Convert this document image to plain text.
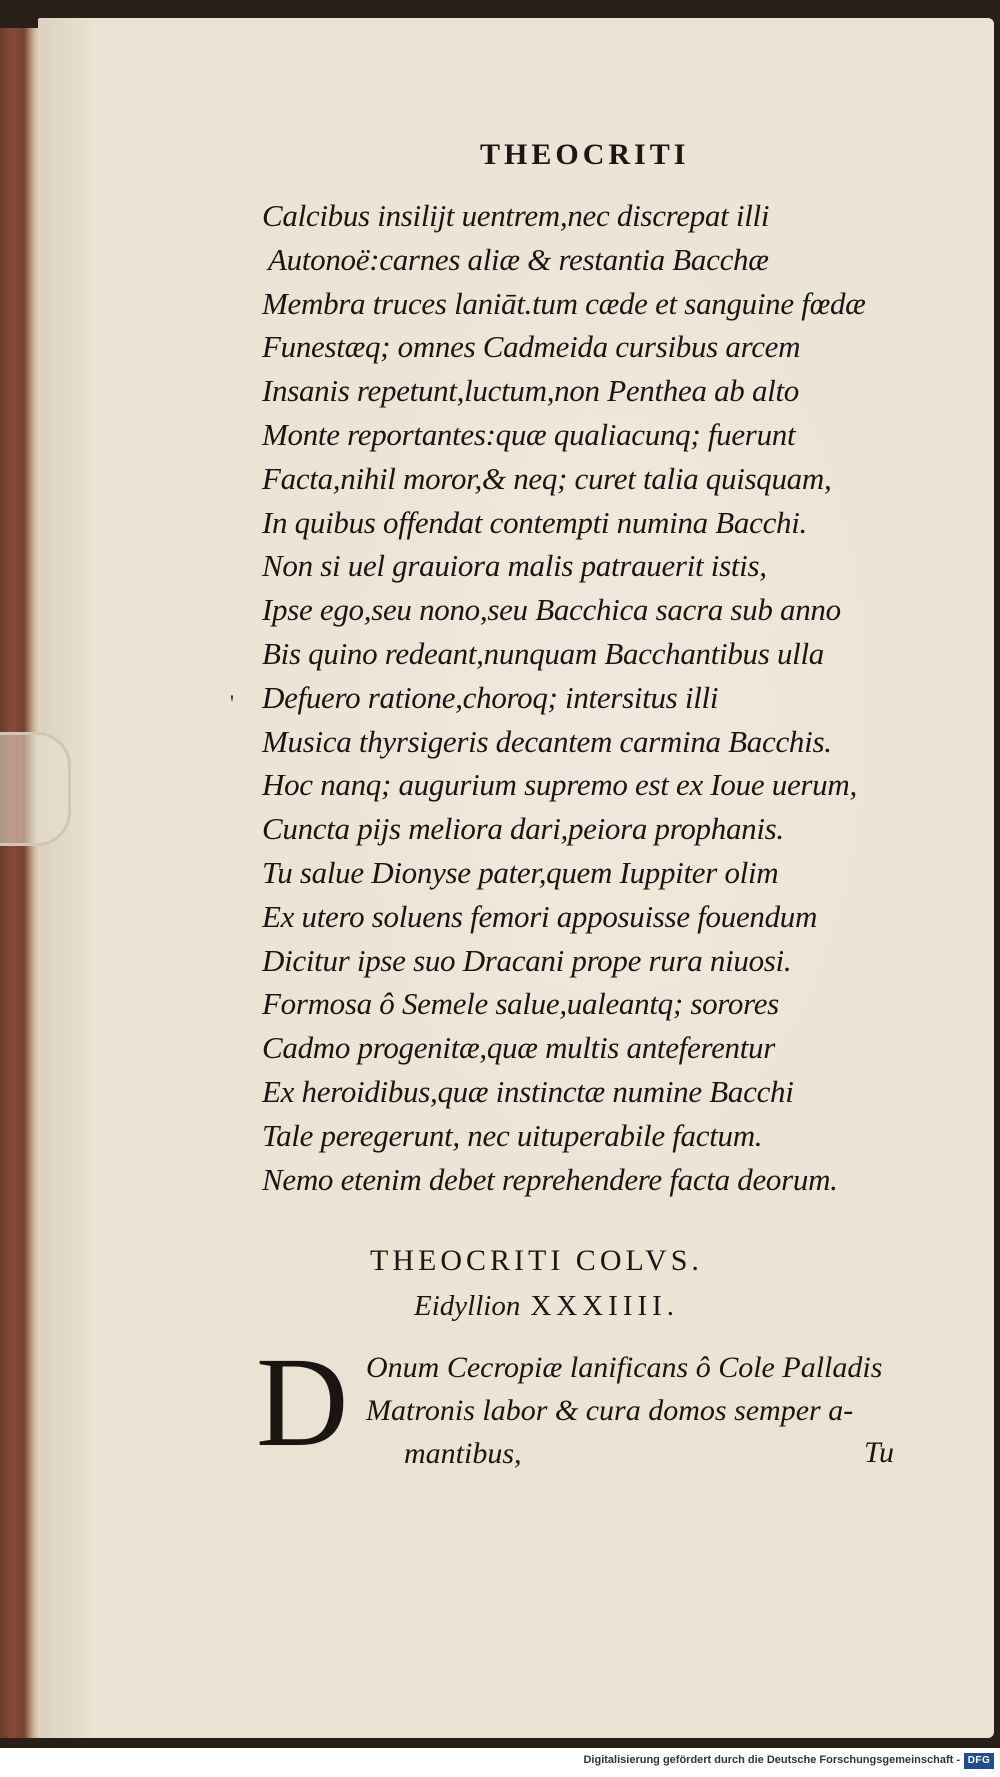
THEOCRITI
'
Calcibus insilijt uentrem,nec discrepat illi
Autonoë:carnes aliæ & restantia Bacchæ
Membra truces laniāt.tum cæde et sanguine fœdæ
Funestæq; omnes Cadmeida cursibus arcem
Insanis repetunt,luctum,non Penthea ab alto
Monte reportantes:quæ qualiacunq; fuerunt
Facta,nihil moror,& neq; curet talia quisquam,
In quibus offendat contempti numina Bacchi.
Non si uel grauiora malis patrauerit istis,
Ipse ego,seu nono,seu Bacchica sacra sub anno
Bis quino redeant,nunquam Bacchantibus ulla
Defuero ratione,choroq; intersitus illi
Musica thyrsigeris decantem carmina Bacchis.
Hoc nanq; augurium supremo est ex Ioue uerum,
Cuncta pijs meliora dari,peiora prophanis.
Tu salue Dionyse pater,quem Iuppiter olim
Ex utero soluens femori apposuisse fouendum
Dicitur ipse suo Dracani prope rura niuosi.
Formosa ô Semele salue,ualeantq; sorores
Cadmo progenitæ,quæ multis anteferentur
Ex heroidibus,quæ instinctæ numine Bacchi
Tale peregerunt, nec uituperabile factum.
Nemo etenim debet reprehendere facta deorum.
THEOCRITI COLVS.
Eidyllion XXXIIII.
D Onum Cecropiæ lanificans ô Cole Palladis
Matronis labor & cura domos semper a-
mantibus,	Tu
Digitalisierung gefördert durch die Deutsche Forschungsgemeinschaft - DFG
